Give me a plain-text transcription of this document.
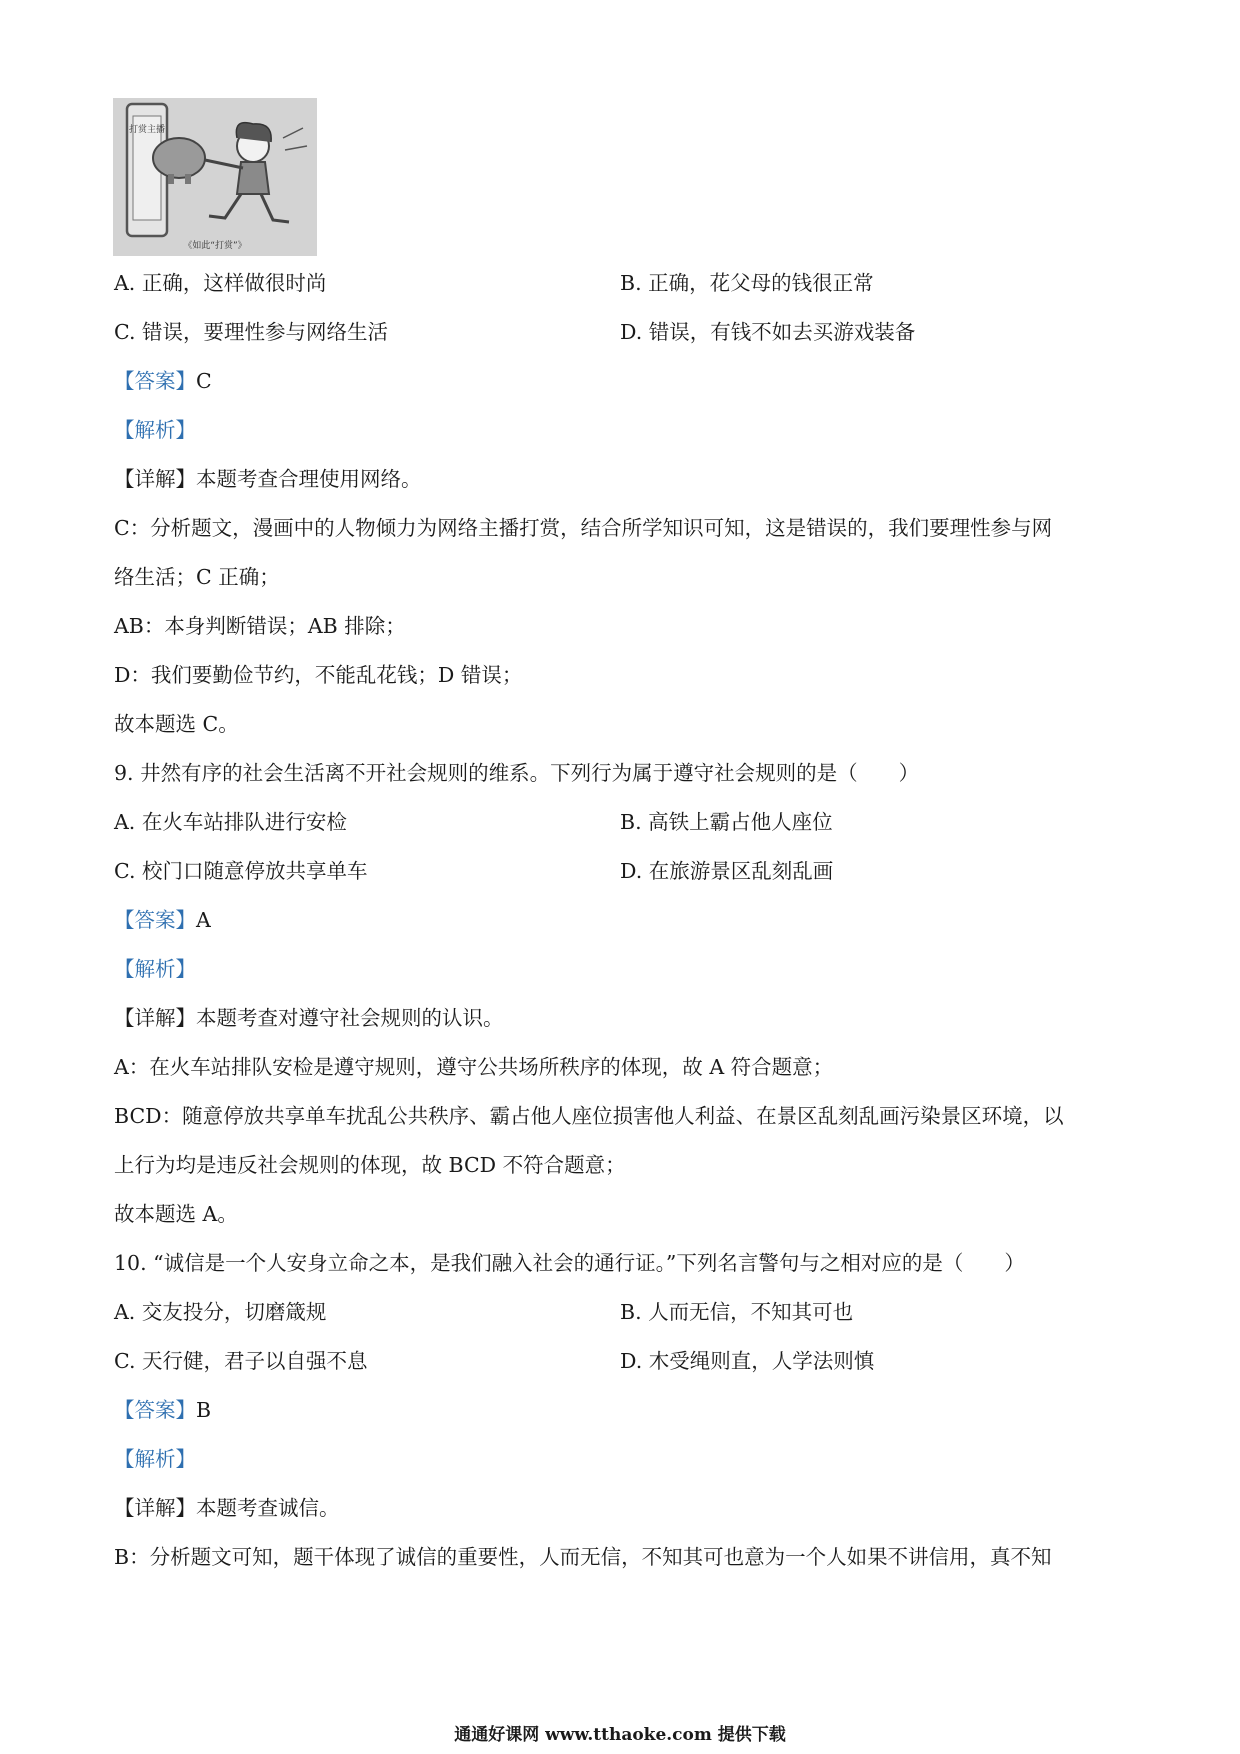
打赏主播
《如此“打赏”》
A. 正确，这样做很时尚	B. 正确，花父母的钱很正常
C. 错误，要理性参与网络生活	D. 错误，有钱不如去买游戏装备
【答案】C
【解析】
【详解】本题考查合理使用网络。
C：分析题文，漫画中的人物倾力为网络主播打赏，结合所学知识可知，这是错误的，我们要理性参与网
络生活；C 正确；
AB：本身判断错误；AB 排除；
D：我们要勤俭节约，不能乱花钱；D 错误；
故本题选 C。
9. 井然有序的社会生活离不开社会规则的维系。下列行为属于遵守社会规则的是（　　）
A. 在火车站排队进行安检	B. 高铁上霸占他人座位
C. 校门口随意停放共享单车	D. 在旅游景区乱刻乱画
【答案】A
【解析】
【详解】本题考查对遵守社会规则的认识。
A：在火车站排队安检是遵守规则，遵守公共场所秩序的体现，故 A 符合题意；
BCD：随意停放共享单车扰乱公共秩序、霸占他人座位损害他人利益、在景区乱刻乱画污染景区环境，以
上行为均是违反社会规则的体现，故 BCD 不符合题意；
故本题选 A。
10. “诚信是一个人安身立命之本，是我们融入社会的通行证。”下列名言警句与之相对应的是（　　）
A. 交友投分，切磨箴规	B. 人而无信，不知其可也
C. 天行健，君子以自强不息	D. 木受绳则直，人学法则慎
【答案】B
【解析】
【详解】本题考查诚信。
B：分析题文可知，题干体现了诚信的重要性，人而无信，不知其可也意为一个人如果不讲信用，真不知
通通好课网 www.tthaoke.com 提供下载
